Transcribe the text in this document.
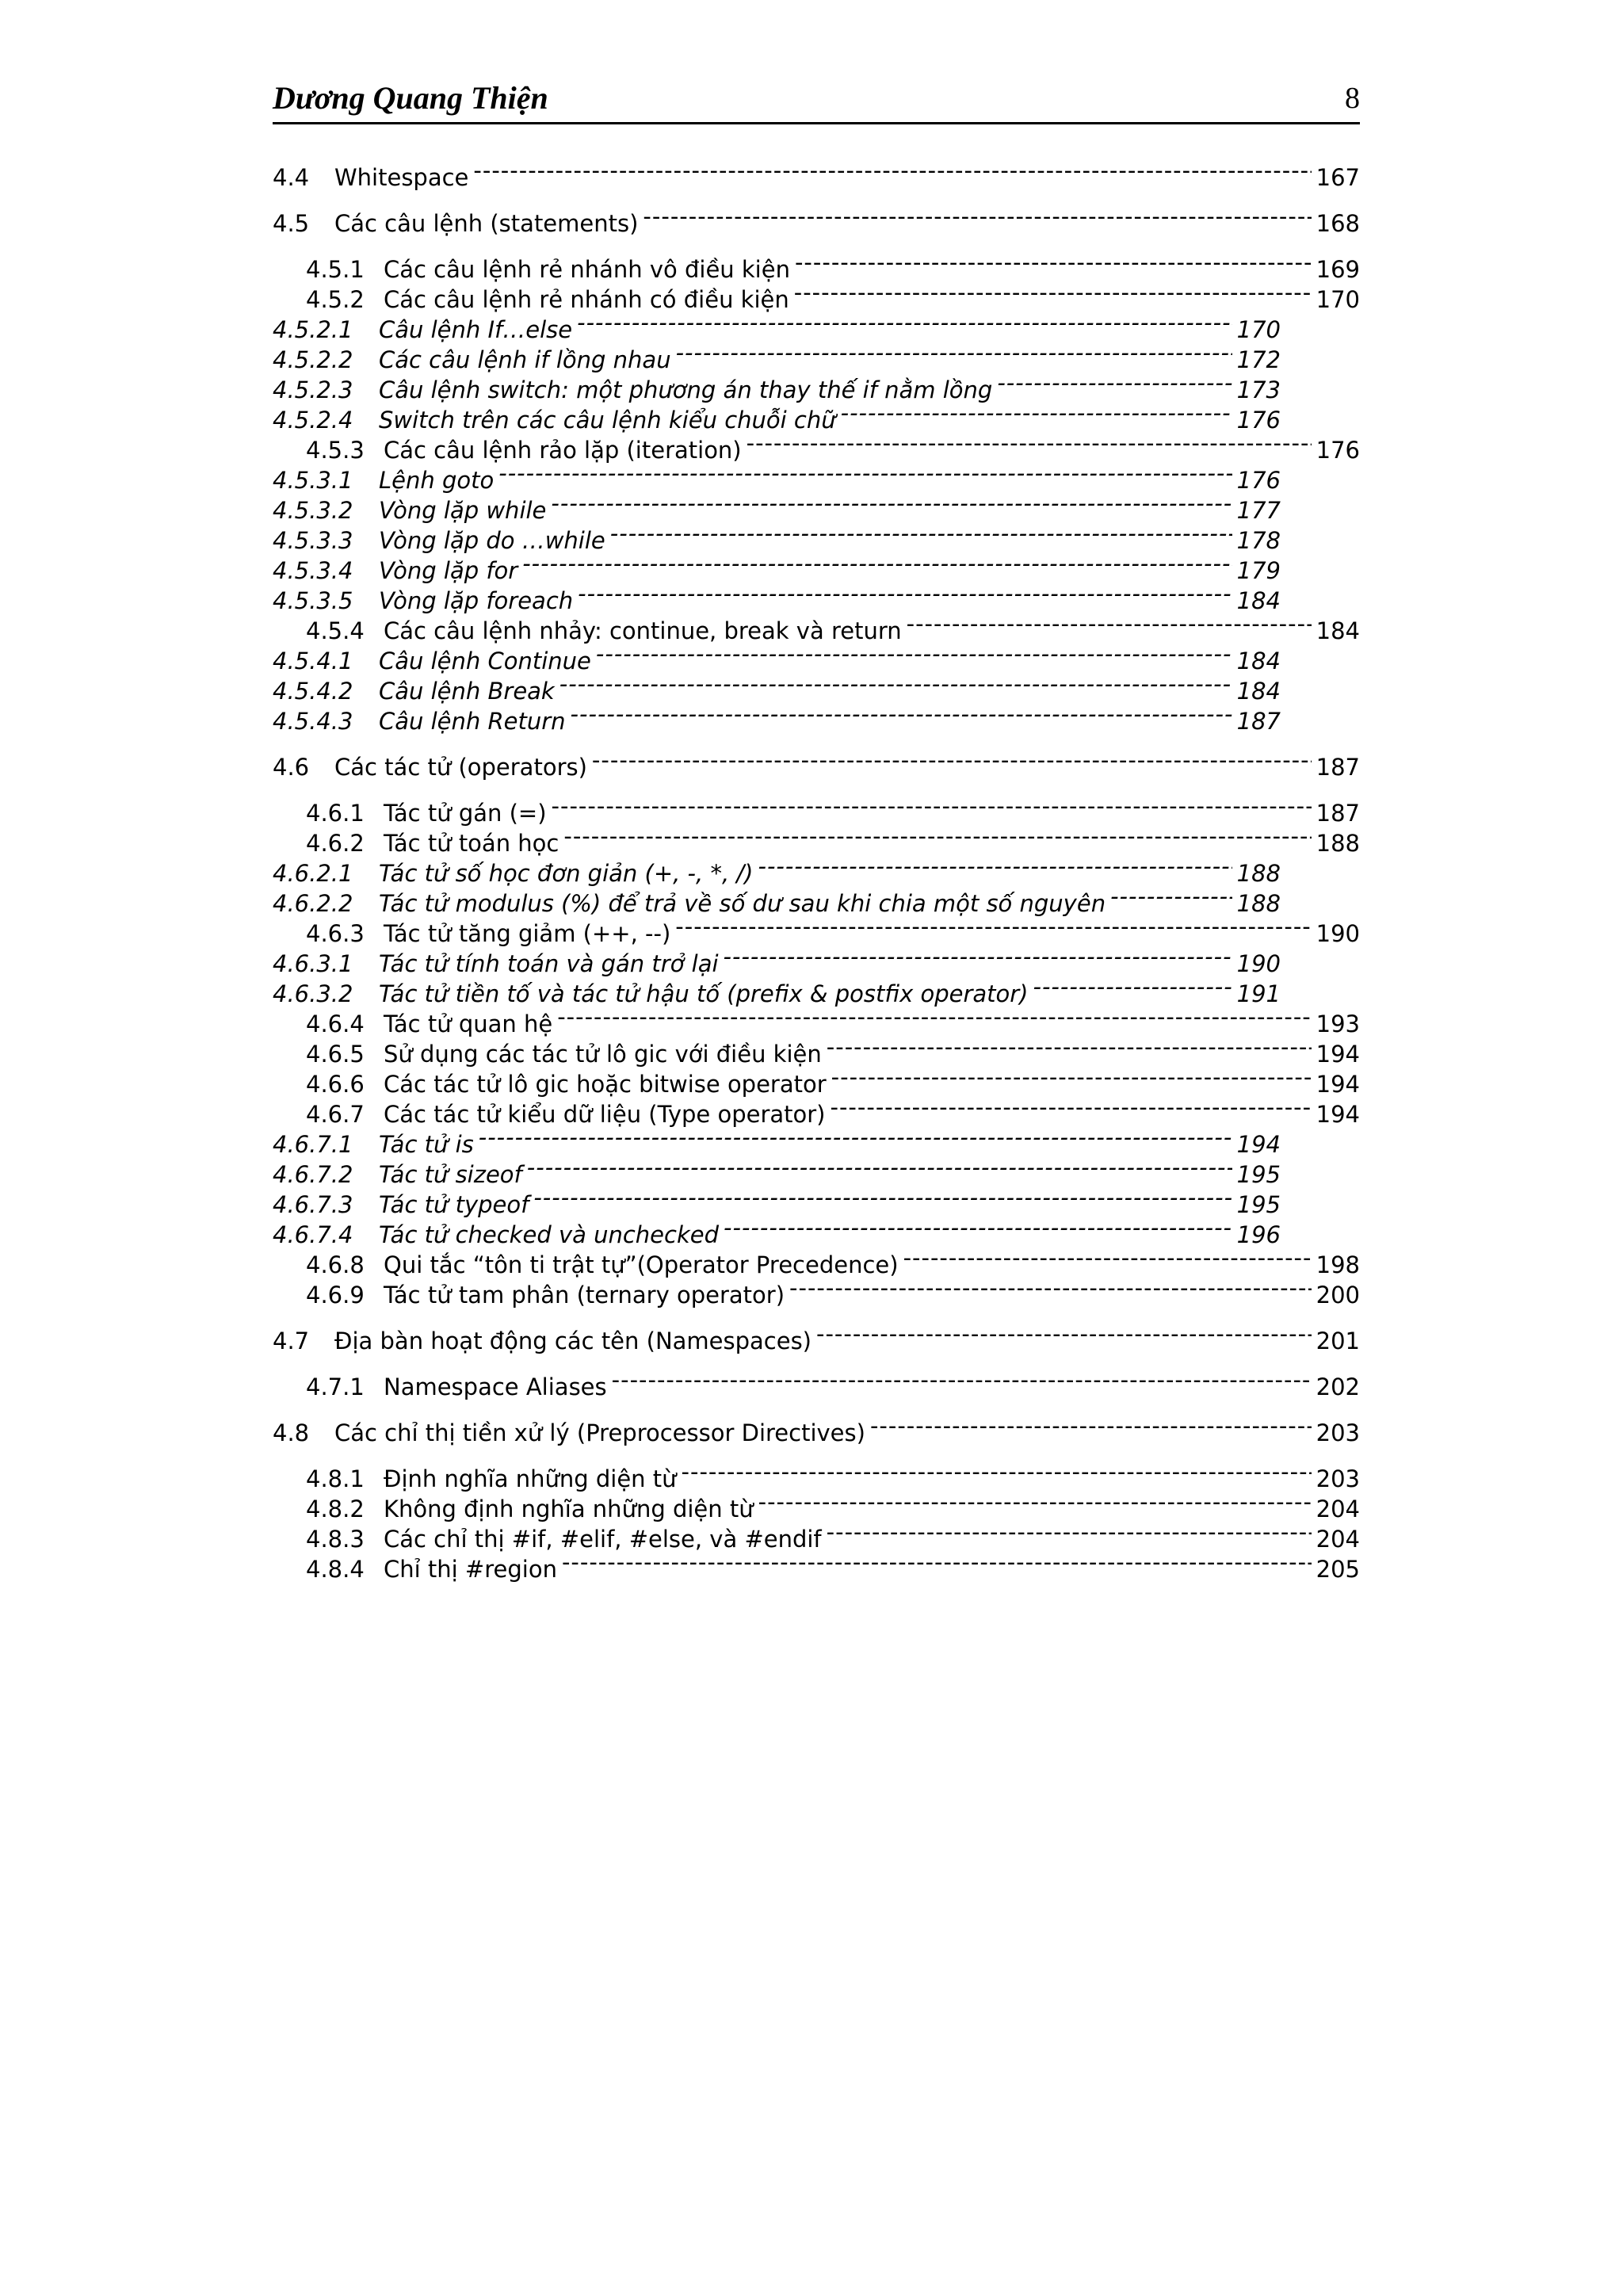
Dương Quang Thiện	8
4.4	Whitespace -----	167
4.5	Các câu lệnh (statements) -----	168
4.5.1 Các câu lệnh rẻ nhánh vô điều kiện -----	169
4.5.2 Các câu lệnh rẻ nhánh có điều kiện -----	170
4.5.2.1	Câu lệnh If…else -----	170
4.5.2.2	Các câu lệnh if lồng nhau -----	172
4.5.2.3	Câu lệnh switch: một phương án thay thế if nằm lồng -----	173
4.5.2.4	Switch trên các câu lệnh kiểu chuỗi chữ -----	176
4.5.3 Các câu lệnh rảo lặp (iteration) -----	176
4.5.3.1	Lệnh goto -----	176
4.5.3.2	Vòng lặp while -----	177
4.5.3.3	Vòng lặp do …while -----	178
4.5.3.4	Vòng lặp for -----	179
4.5.3.5	Vòng lặp foreach -----	184
4.5.4 Các câu lệnh nhảy: continue, break và return -----	184
4.5.4.1	Câu lệnh Continue -----	184
4.5.4.2	Câu lệnh Break -----	184
4.5.4.3	Câu lệnh Return -----	187
4.6	Các tác tử (operators) -----	187
4.6.1 Tác tử gán (=) -----	187
4.6.2 Tác tử toán học -----	188
4.6.2.1	Tác tử số học đơn giản (+, -, *, /) -----	188
4.6.2.2	Tác tử modulus (%) để trả về số dư sau khi chia một số nguyên -----	188
4.6.3 Tác tử tăng giảm (++, --) -----	190
4.6.3.1	Tác tử tính toán và gán trở lại -----	190
4.6.3.2	Tác tử tiền tố và tác tử hậu tố (prefix & postfix operator) -----	191
4.6.4 Tác tử quan hệ -----	193
4.6.5 Sử dụng các tác tử lô gic với điều kiện -----	194
4.6.6 Các tác tử lô gic hoặc bitwise operator -----	194
4.6.7 Các tác tử kiểu dữ liệu (Type operator) -----	194
4.6.7.1	Tác tử is -----	194
4.6.7.2	Tác tử sizeof -----	195
4.6.7.3	Tác tử typeof -----	195
4.6.7.4	Tác tử checked và unchecked -----	196
4.6.8 Qui tắc “tôn ti trật tự”(Operator Precedence) -----	198
4.6.9 Tác tử tam phân (ternary operator) -----	200
4.7	Địa bàn hoạt động các tên (Namespaces) -----	201
4.7.1 Namespace Aliases -----	202
4.8	Các chỉ thị tiền xử lý (Preprocessor Directives) -----	203
4.8.1 Định nghĩa những diện từ -----	203
4.8.2 Không định nghĩa những diện từ -----	204
4.8.3 Các chỉ thị #if, #elif, #else, và #endif -----	204
4.8.4 Chỉ thị #region -----	205
